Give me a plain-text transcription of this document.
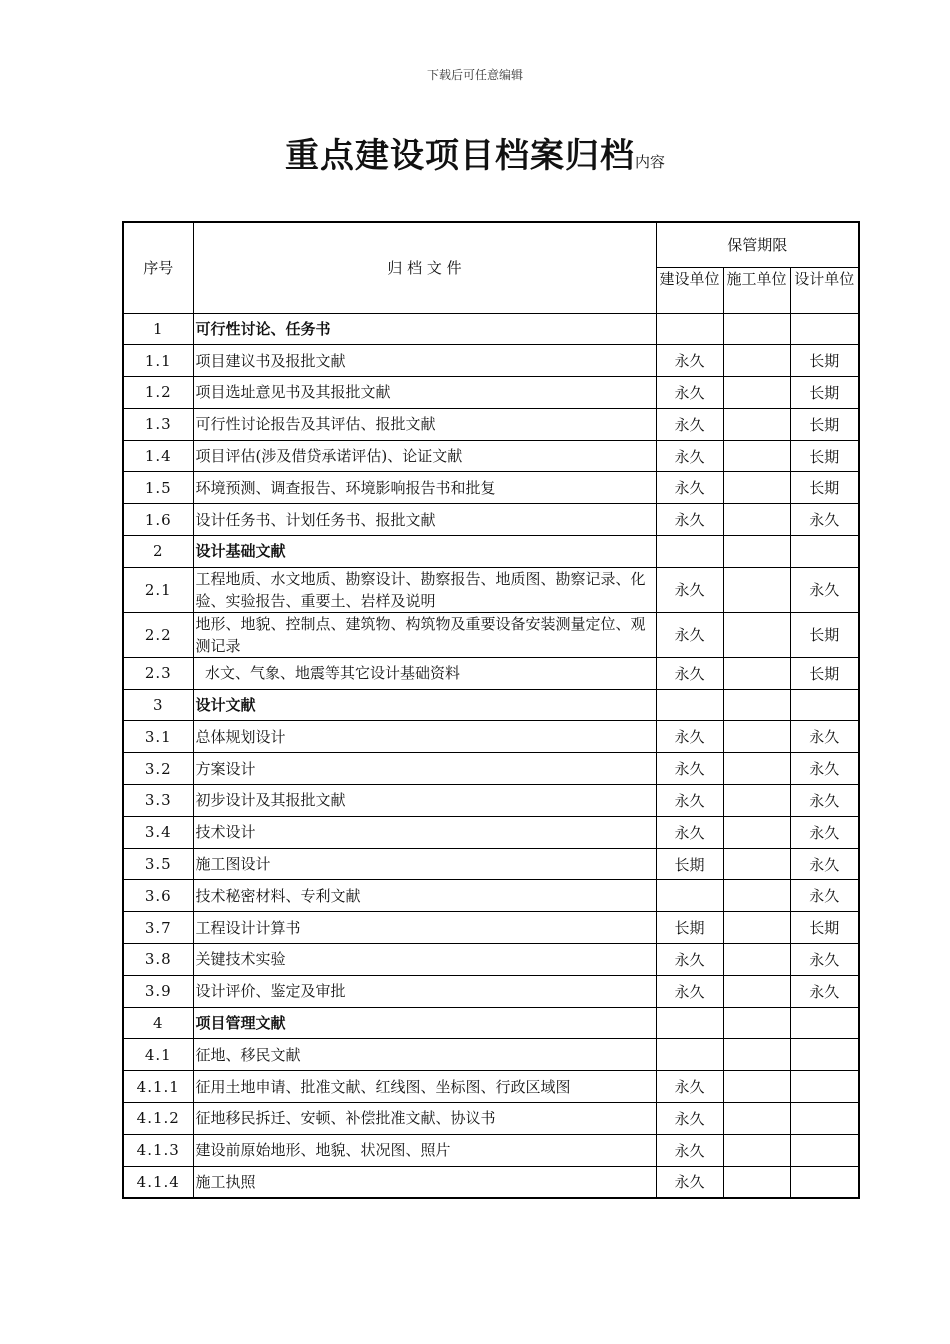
下载后可任意编辑
重点建设项目档案归档内容
序号	归 档 文 件	保管期限		

		建设单位	施工单位	设计单位

1	可行性讨论、任务书			
1.1	项目建议书及报批文献	永久		长期
1.2	项目选址意见书及其报批文献	永久		长期
1.3	可行性讨论报告及其评估、报批文献	永久		长期
1.4	项目评估(涉及借贷承诺评估)、论证文献	永久		长期
1.5	环境预测、调查报告、环境影响报告书和批复	永久		长期
1.6	设计任务书、计划任务书、报批文献	永久		永久
2	设计基础文献			
2.1	工程地质、水文地质、勘察设计、勘察报告、地质图、勘察记录、化验、实验报告、重要土、岩样及说明	永久		永久
2.2	地形、地貌、控制点、建筑物、构筑物及重要设备安装测量定位、观测记录	永久		长期
2.3	水文、气象、地震等其它设计基础资料	永久		长期
3	设计文献			
3.1	总体规划设计	永久		永久
3.2	方案设计	永久		永久
3.3	初步设计及其报批文献	永久		永久
3.4	技术设计	永久		永久
3.5	施工图设计	长期		永久
3.6	技术秘密材料、专利文献			永久
3.7	工程设计计算书	长期		长期
3.8	关键技术实验	永久		永久
3.9	设计评价、鉴定及审批	永久		永久
4	项目管理文献			
4.1	征地、移民文献			
4.1.1	征用土地申请、批准文献、红线图、坐标图、行政区域图	永久		
4.1.2	征地移民拆迁、安顿、补偿批准文献、协议书	永久		
4.1.3	建设前原始地形、地貌、状况图、照片	永久		
4.1.4	施工执照	永久		
